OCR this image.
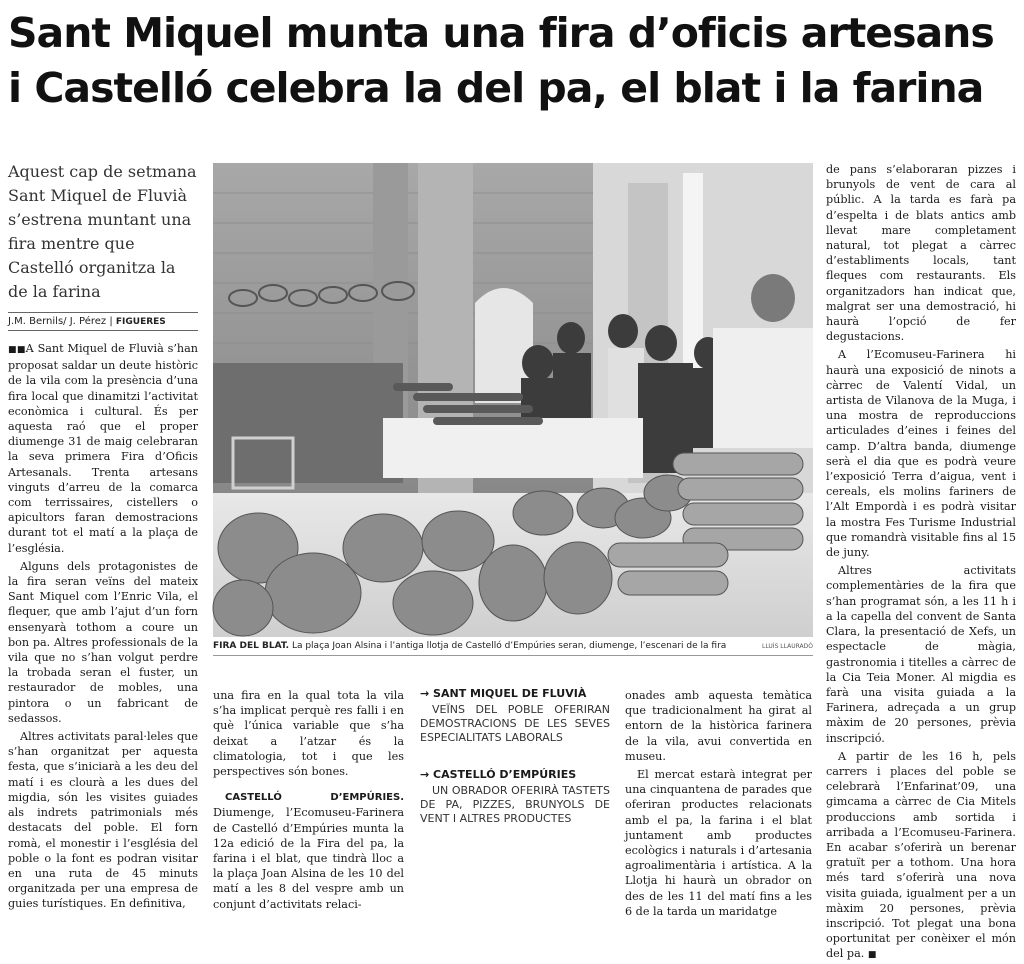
Sant Miquel munta una fira d’oficis artesans
i Castelló celebra la del pa, el blat i la farina

Aquest cap de setmana Sant Miquel de Fluvià s’estrena muntant una fira mentre que Castelló organitza la de la farina

J.M. Bernils/ J. Pérez | FIGUERES

■■A Sant Miquel de Fluvià s’han proposat saldar un deute històric de la vila com la presència d’una fira local que dinamitzi l’activitat econòmica i cultural. És per aquesta raó que el proper diumenge 31 de maig celebraran la seva primera Fira d’Oficis Artesanals. Trenta artesans vinguts d’arreu de la comarca com terrissaires, cistellers o apicultors faran demostracions durant tot el matí a la plaça de l’església.

Alguns dels protagonistes de la fira seran veïns del mateix Sant Miquel com l’Enric Vila, el flequer, que amb l’ajut d’un forn ensenyarà tothom a coure un bon pa. Altres professionals de la vila que no s’han volgut perdre la trobada seran el fuster, un restaurador de mobles, una pintora o un fabricant de sedassos.

Altres activitats paral·leles que s’han organitzat per aquesta festa, que s’iniciarà a les deu del matí i es clourà a les dues del migdia, són les visites guiades als indrets patrimonials més destacats del poble. El forn romà, el monestir i l’església del poble o la font es podran visitar en una ruta de 45 minuts organitzada per una empresa de guies turístiques. En definitiva,

FIRA DEL BLAT. La plaça Joan Alsina i l’antiga llotja de Castelló d’Empúries seran, diumenge, l’escenari de la fira	LLUÍS LLAURADÓ

una fira en la qual tota la vila s’ha implicat perquè res falli i en què l’única variable que s’ha deixat a l’atzar és la climatologia, tot i que les perspectives són bones.

CASTELLÓ D’EMPÚRIES. Diumenge, l’Ecomuseu-Farinera de Castelló d’Empúries munta la 12a edició de la Fira del pa, la farina i el blat, que tindrà lloc a la plaça Joan Alsina de les 10 del matí a les 8 del vespre amb un conjunt d’activitats relaci-

→ SANT MIQUEL DE FLUVIÀ

VEÏNS DEL POBLE OFERIRAN DEMOSTRACIONS DE LES SEVES ESPECIALITATS LABORALS

→ CASTELLÓ D’EMPÚRIES

UN OBRADOR OFERIRÀ TASTETS DE PA, PIZZES, BRUNYOLS DE VENT I ALTRES PRODUCTES

onades amb aquesta temàtica que tradicionalment ha girat al entorn de la històrica farinera de la vila, avui convertida en museu.

El mercat estarà integrat per una cinquantena de parades que oferiran productes relacionats amb el pa, la farina i el blat juntament amb productes ecològics i naturals i d’artesania agroalimentària i artística. A la Llotja hi haurà un obrador on des de les 11 del matí fins a les 6 de la tarda un maridatge

de pans s’elaboraran pizzes i brunyols de vent de cara al públic. A la tarda es farà pa d’espelta i de blats antics amb llevat mare completament natural, tot plegat a càrrec d’establiments locals, tant fleques com restaurants. Els organitzadors han indicat que, malgrat ser una demostració, hi haurà l’opció de fer degustacions.

A l’Ecomuseu-Farinera hi haurà una exposició de ninots a càrrec de Valentí Vidal, un artista de Vilanova de la Muga, i una mostra de reproduccions articulades d’eines i feines del camp. D’altra banda, diumenge serà el dia que es podrà veure l’exposició Terra d’aigua, vent i cereals, els molins fariners de l’Alt Empordà i es podrà visitar la mostra Fes Turisme Industrial que romandrà visitable fins al 15 de juny.

Altres activitats complementàries de la fira que s’han programat són, a les 11 h i a la capella del convent de Santa Clara, la presentació de Xefs, un espectacle de màgia, gastronomia i titelles a càrrec de la Cia Teia Moner. Al migdia es farà una visita guiada a la Farinera, adreçada a un grup màxim de 20 persones, prèvia inscripció.

A partir de les 16 h, pels carrers i places del poble se celebrarà l’Enfarinat’09, una gimcama a càrrec de Cia Mitels produccions amb sortida i arribada a l’Ecomuseu-Farinera. En acabar s’oferirà un berenar gratuït per a tothom. Una hora més tard s’oferirà una nova visita guiada, igualment per a un màxim 20 persones, prèvia inscripció. Tot plegat una bona oportunitat per conèixer el món del pa. ■
